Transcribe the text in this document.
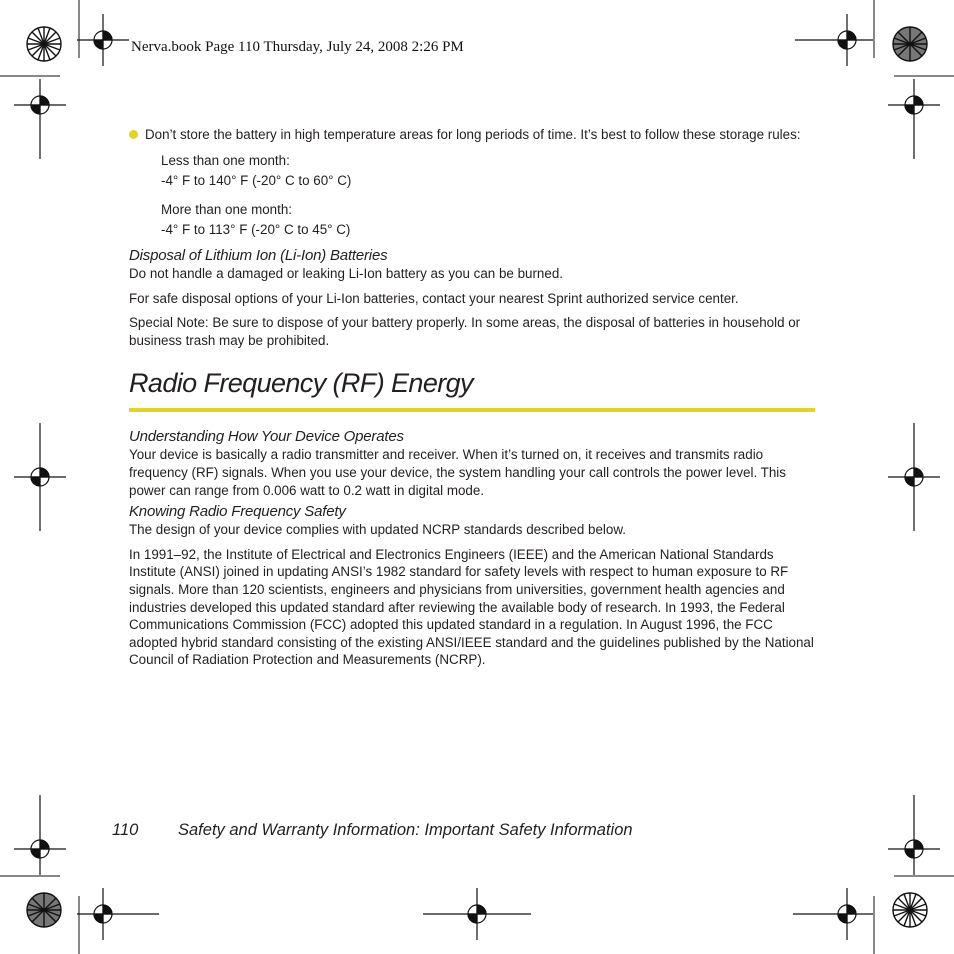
Nerva.book Page 110 Thursday, July 24, 2008 2:26 PM

Don’t store the battery in high temperature areas for long periods of time. It’s best to follow these storage rules:

Less than one month:

-4° F to 140° F (-20° C to 60° C)

More than one month:

-4° F to 113° F (-20° C to 45° C)

Disposal of Lithium Ion (Li-Ion) Batteries

Do not handle a damaged or leaking Li-Ion battery as you can be burned.

For safe disposal options of your Li-Ion batteries, contact your nearest Sprint authorized service center.

Special Note: Be sure to dispose of your battery properly. In some areas, the disposal of batteries in household or business trash may be prohibited.

Radio Frequency (RF) Energy
Understanding How Your Device Operates

Your device is basically a radio transmitter and receiver. When it’s turned on, it receives and transmits radio frequency (RF) signals. When you use your device, the system handling your call controls the power level. This power can range from 0.006 watt to 0.2 watt in digital mode.

Knowing Radio Frequency Safety

The design of your device complies with updated NCRP standards described below.

In 1991–92, the Institute of Electrical and Electronics Engineers (IEEE) and the American National Standards Institute (ANSI) joined in updating ANSI’s 1982 standard for safety levels with respect to human exposure to RF signals. More than 120 scientists, engineers and physicians from universities, government health agencies and industries developed this updated standard after reviewing the available body of research. In 1993, the Federal Communications Commission (FCC) adopted this updated standard in a regulation. In August 1996, the FCC adopted hybrid standard consisting of the existing ANSI/IEEE standard and the guidelines published by the National Council of Radiation Protection and Measurements (NCRP).

110 Safety and Warranty Information: Important Safety Information
